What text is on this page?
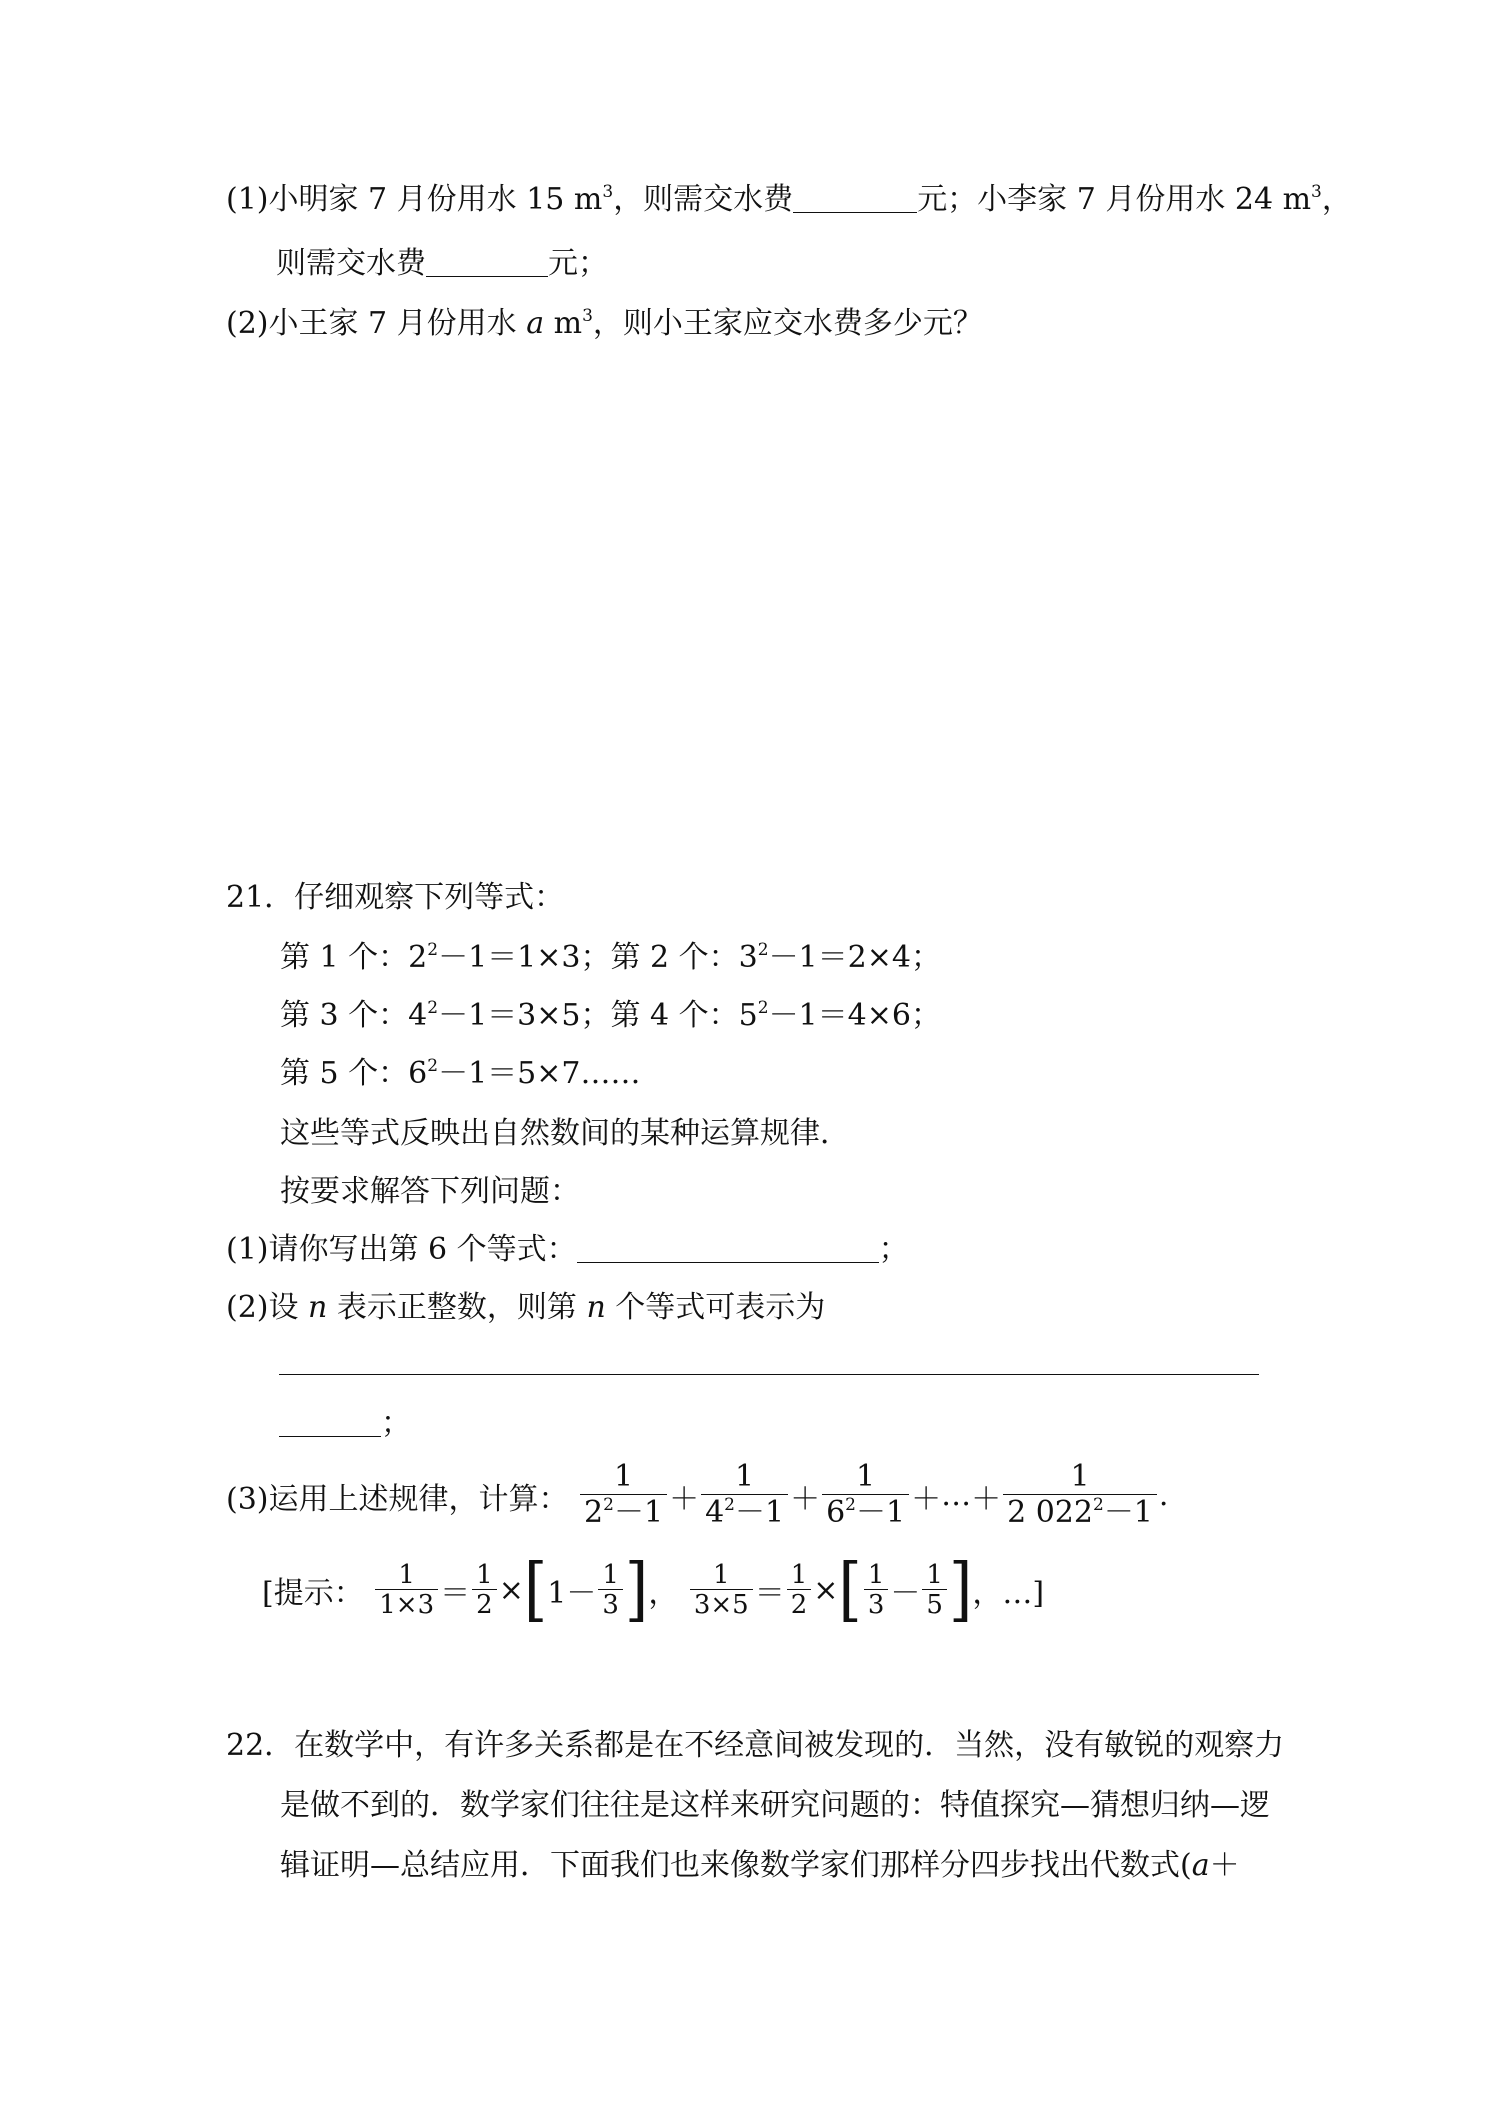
(1)小明家 7 月份用水 15 $m^3$，则需交水费	元；小李家 7 月份用水 24 $m^3$，
则需交水费	元；
(2)小王家 7 月份用水 a $m^3$，则小王家应交水费多少元？
21．仔细观察下列等式：
第 1 个：$2^2-1=1\times 3$；第 2 个：$3^2-1=2\times 4$；
第 3 个：$4^2-1=3\times 5$；第 4 个：$5^2-1=4\times 6$；
第 5 个：$6^2-1=5\times 7\dots\dots$
这些等式反映出自然数间的某种运算规律．
按要求解答下列问题：
(1)请你写出第 6 个等式：	；
(2)设 n 表示正整数，则第 n 个等式可表示为
；
(3)运用上述规律，计算： $\frac{1}{2^2-1} + \frac{1}{4^2-1} + \frac{1}{6^2-1}$ ＋…＋ $\frac{1}{2 022^2-1}$ .
[提示： $\frac{1}{1\times 3} = \frac{1}{2} \times[1- \frac{1}{3}$ ]， $\frac{1}{3\times 5} = \frac{1}{2}$ ×[ $\frac{1}{3} - \frac{1}{5}$ ]，…]
22．在数学中，有许多关系都是在不经意间被发现的．当然，没有敏锐的观察力
是做不到的．数学家们往往是这样来研究问题的：特值探究—猜想归纳—逻
辑证明—总结应用．下面我们也来像数学家们那样分四步找出代数式(a＋
